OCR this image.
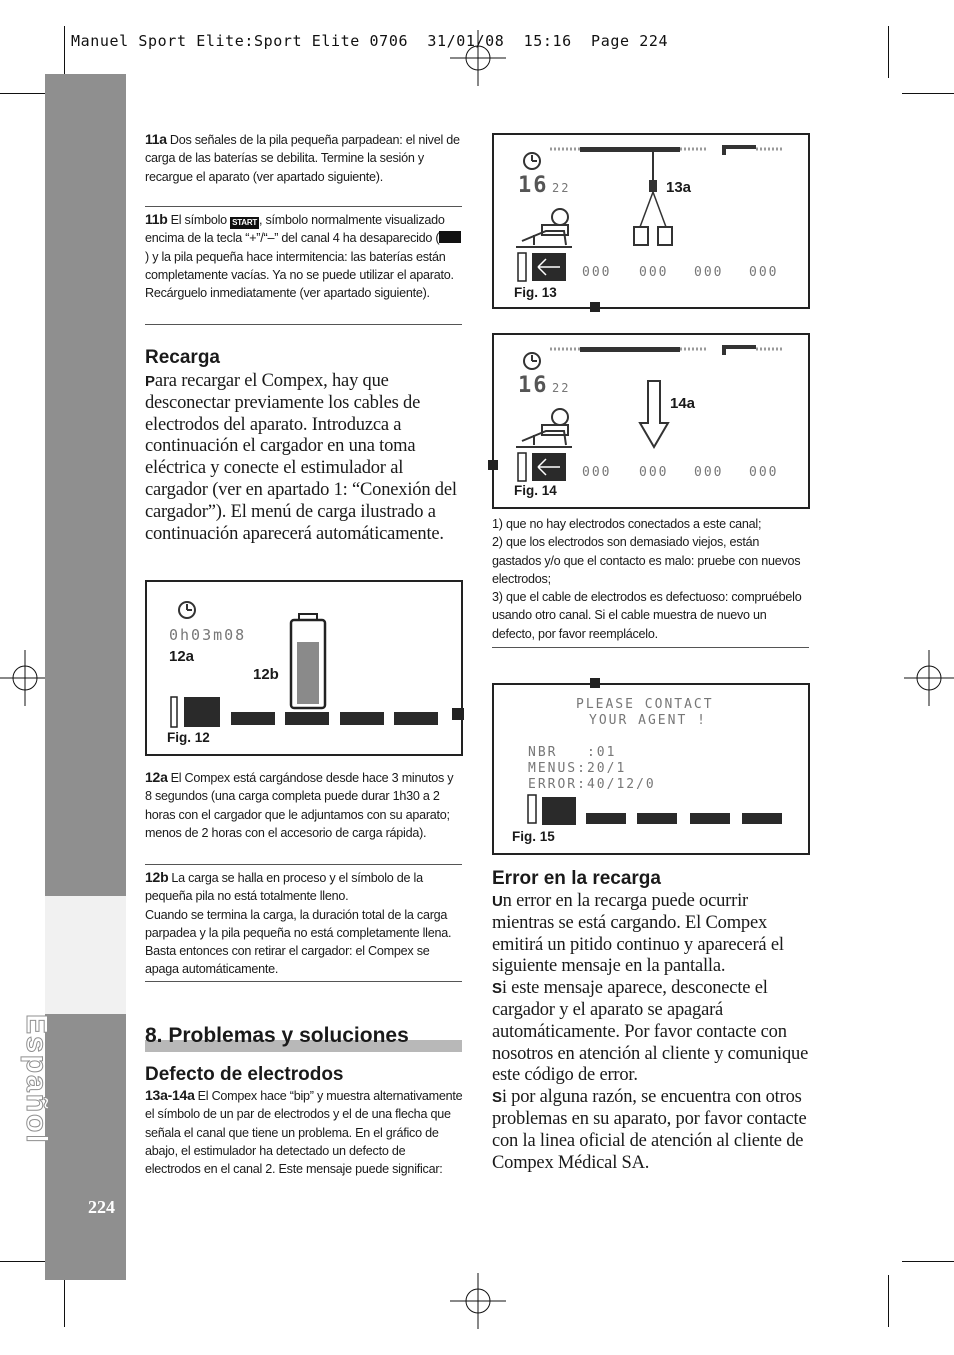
Manuel Sport Elite:Sport Elite 0706  31/01/08  15:16  Page 224
Español
224
11a Dos señales de la pila pequeña parpadean: el nivel de carga de las baterías se debilita. Termine la sesión y recargue el aparato (ver apartado siguiente).
11b El símbolo START , símbolo normalmente visualizado encima de la tecla “+”/“–” del canal 4 ha desaparecido () y la pila pequeña hace intermitencia: las baterías están completamente vacías. Ya no se puede utilizar el aparato. Recárguelo inmediatamente (ver apartado siguiente).
Recarga
Para recargar el Compex, hay que desconectar previamente los cables de electrodos del aparato. Introduzca a continuación el cargador en una toma eléctrica y conecte el estimulador al cargador (ver en apartado 1: “Conexión del cargador”). El menú de carga ilustrado a continuación aparecerá automáticamente.
0h03m08
12a
12b
Fig. 12
12a El Compex está cargándose desde hace 3 minutos y 8 segundos (una carga completa puede durar 1h30 a 2 horas con el cargador que le adjuntamos con su aparato; menos de 2 horas con el accesorio de carga rápida).
12b La carga se halla en proceso y el símbolo de la pequeña pila no está totalmente lleno.
Cuando se termina la carga, la duración total de la carga parpadea y la pila pequeña no está completamente llena. Basta entonces con retirar el cargador: el Compex se apaga automáticamente.
8. Problemas y soluciones
Defecto de electrodos
13a-14a El Compex hace “bip” y muestra alternativamente el símbolo de un par de electrodos y el de una flecha que señala el canal que tiene un problema. En el gráfico de abajo, el estimulador ha detectado un defecto de electrodos en el canal 2. Este mensaje puede significar:
16 22	13a
000 000 000 000
Fig. 13
16 22
14a
000 000 000 000
Fig. 14
1) que no hay electrodos conectados a este canal;
2) que los electrodos son demasiado viejos, están gastados y/o que el contacto es malo: pruebe con nuevos electrodos;
3) que el cable de electrodos es defectuoso: compruébelo usando otro canal. Si el cable muestra de nuevo un defecto, por favor reemplácelo.
PLEASE CONTACT
YOUR AGENT !
NBR   :01
MENUS:20/1
ERROR:40/12/0
Fig. 15
Error en la recarga
Un error en la recarga puede ocurrir mientras se está cargando. El Compex emitirá un pitido continuo y aparecerá el siguiente mensaje en la pantalla.
Si este mensaje aparece, desconecte el cargador y el aparato se apagará automáticamente. Por favor contacte con nosotros en atención al cliente y comunique este código de error.
Si por alguna razón, se encuentra con otros problemas en su aparato, por favor contacte con la linea oficial de atención al cliente de Compex Médical SA.
